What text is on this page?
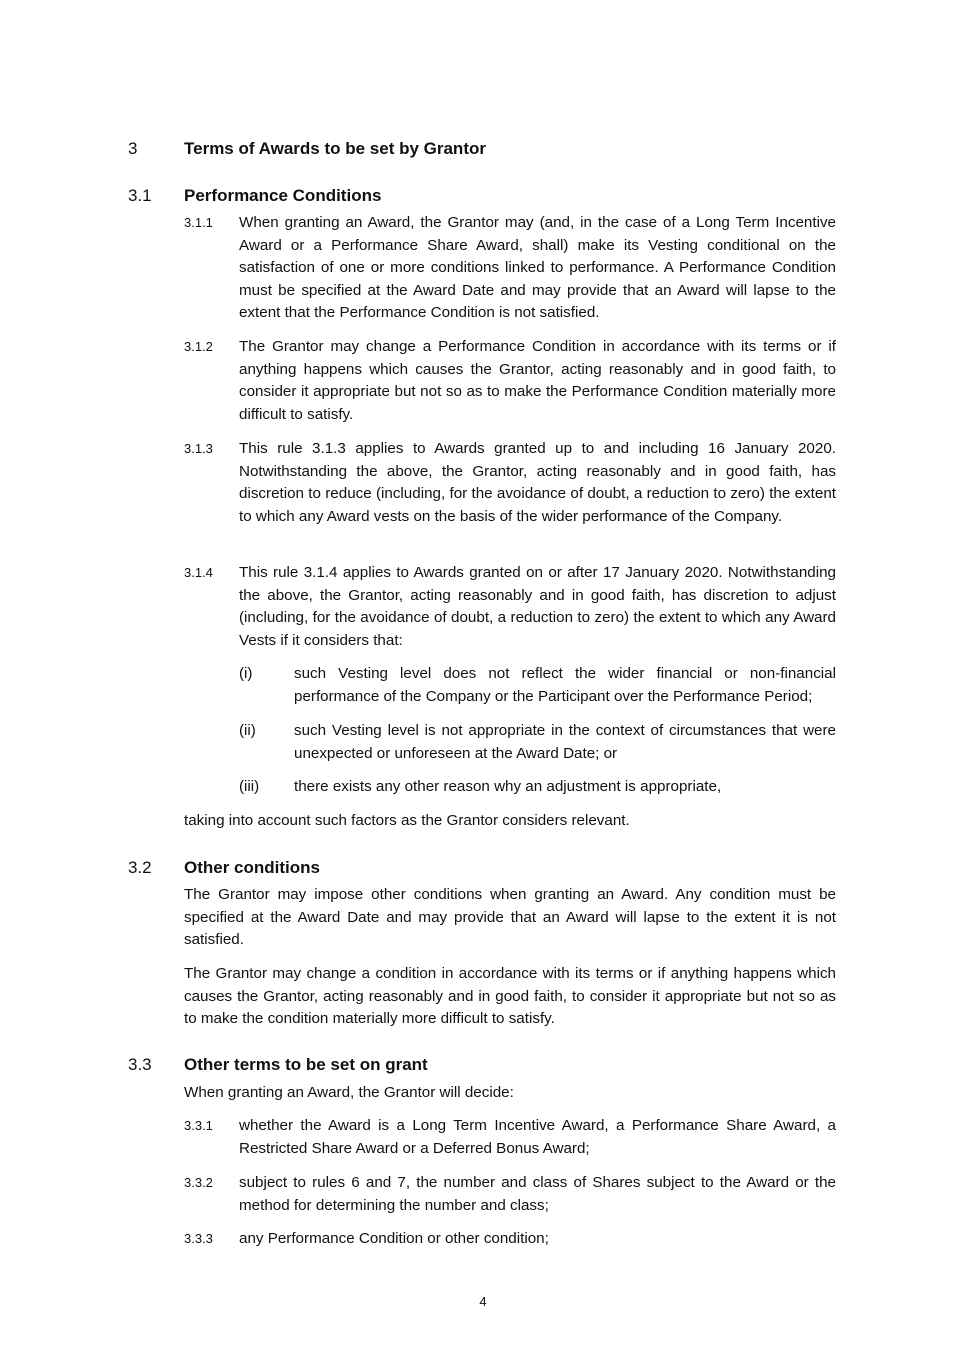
3	Terms of Awards to be set by Grantor
3.1 Performance Conditions
3.1.1 When granting an Award, the Grantor may (and, in the case of a Long Term Incentive Award or a Performance Share Award, shall) make its Vesting conditional on the satisfaction of one or more conditions linked to performance. A Performance Condition must be specified at the Award Date and may provide that an Award will lapse to the extent that the Performance Condition is not satisfied.
3.1.2 The Grantor may change a Performance Condition in accordance with its terms or if anything happens which causes the Grantor, acting reasonably and in good faith, to consider it appropriate but not so as to make the Performance Condition materially more difficult to satisfy.
3.1.3 This rule 3.1.3 applies to Awards granted up to and including 16 January 2020. Notwithstanding the above, the Grantor, acting reasonably and in good faith, has discretion to reduce (including, for the avoidance of doubt, a reduction to zero) the extent to which any Award vests on the basis of the wider performance of the Company.
3.1.4 This rule 3.1.4 applies to Awards granted on or after 17 January 2020. Notwithstanding the above, the Grantor, acting reasonably and in good faith, has discretion to adjust (including, for the avoidance of doubt, a reduction to zero) the extent to which any Award Vests if it considers that:
(i)	such Vesting level does not reflect the wider financial or non-financial performance of the Company or the Participant over the Performance Period;
(ii)	such Vesting level is not appropriate in the context of circumstances that were unexpected or unforeseen at the Award Date; or
(iii) there exists any other reason why an adjustment is appropriate,
taking into account such factors as the Grantor considers relevant.
3.2 Other conditions
The Grantor may impose other conditions when granting an Award. Any condition must be specified at the Award Date and may provide that an Award will lapse to the extent it is not satisfied.
The Grantor may change a condition in accordance with its terms or if anything happens which causes the Grantor, acting reasonably and in good faith, to consider it appropriate but not so as to make the condition materially more difficult to satisfy.
3.3 Other terms to be set on grant
When granting an Award, the Grantor will decide:
3.3.1 whether the Award is a Long Term Incentive Award, a Performance Share Award, a Restricted Share Award or a Deferred Bonus Award;
3.3.2 subject to rules 6 and 7, the number and class of Shares subject to the Award or the method for determining the number and class;
3.3.3 any Performance Condition or other condition;
4
